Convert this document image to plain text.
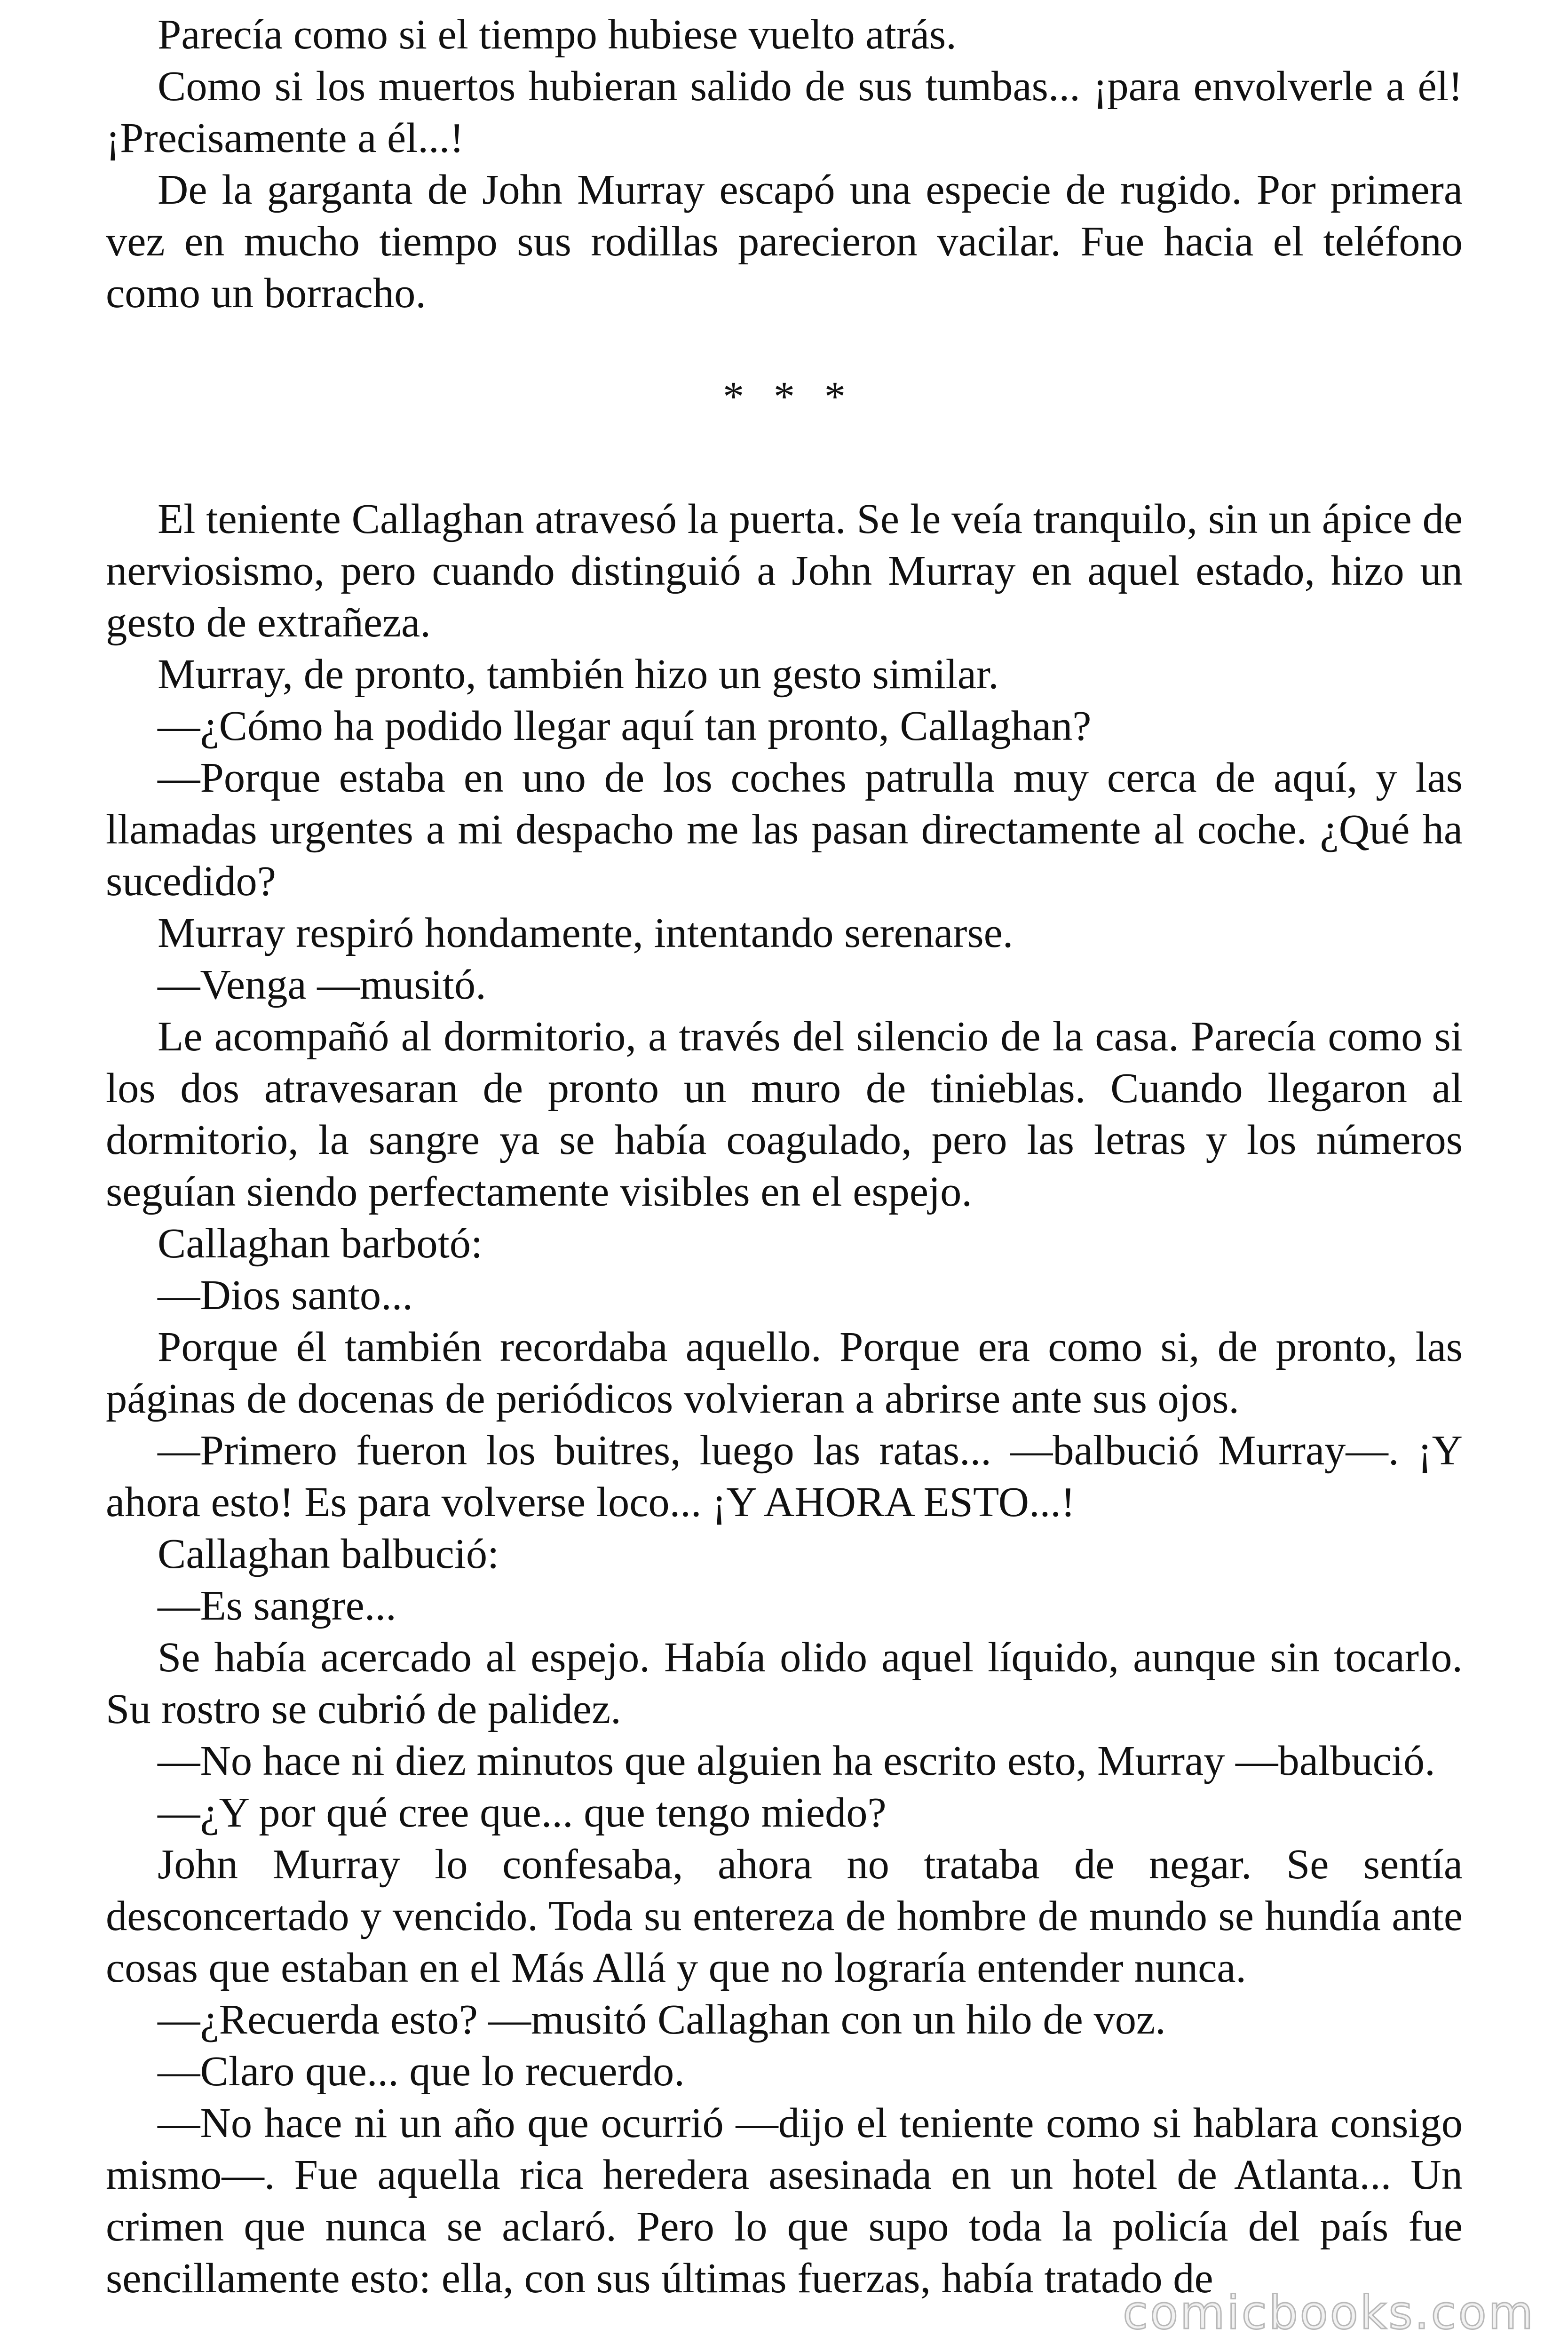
Parecía como si el tiempo hubiese vuelto atrás.

Como si los muertos hubieran salido de sus tumbas... ¡para envolverle a él! ¡Precisamente a él...!

De la garganta de John Murray escapó una especie de rugido. Por primera vez en mucho tiempo sus rodillas parecieron vacilar. Fue hacia el teléfono como un borracho.

* * *

El teniente Callaghan atravesó la puerta. Se le veía tranquilo, sin un ápice de nerviosismo, pero cuando distinguió a John Murray en aquel estado, hizo un gesto de extrañeza.

Murray, de pronto, también hizo un gesto similar.

—¿Cómo ha podido llegar aquí tan pronto, Callaghan?

—Porque estaba en uno de los coches patrulla muy cerca de aquí, y las llamadas urgentes a mi despacho me las pasan directamente al coche. ¿Qué ha sucedido?

Murray respiró hondamente, intentando serenarse.

—Venga —musitó.

Le acompañó al dormitorio, a través del silencio de la casa. Parecía como si los dos atravesaran de pronto un muro de tinieblas. Cuando llegaron al dormitorio, la sangre ya se había coagulado, pero las letras y los números seguían siendo perfectamente visibles en el espejo.

Callaghan barbotó:

—Dios santo...

Porque él también recordaba aquello. Porque era como si, de pronto, las páginas de docenas de periódicos volvieran a abrirse ante sus ojos.

—Primero fueron los buitres, luego las ratas... —balbució Murray—. ¡Y ahora esto! Es para volverse loco... ¡Y AHORA ESTO...!

Callaghan balbució:

—Es sangre...

Se había acercado al espejo. Había olido aquel líquido, aunque sin tocarlo. Su rostro se cubrió de palidez.

—No hace ni diez minutos que alguien ha escrito esto, Murray —balbució.

—¿Y por qué cree que... que tengo miedo?

John Murray lo confesaba, ahora no trataba de negar. Se sentía desconcertado y vencido. Toda su entereza de hombre de mundo se hundía ante cosas que estaban en el Más Allá y que no lograría entender nunca.

—¿Recuerda esto? —musitó Callaghan con un hilo de voz.

—Claro que... que lo recuerdo.

—No hace ni un año que ocurrió —dijo el teniente como si hablara consigo mismo—. Fue aquella rica heredera asesinada en un hotel de Atlanta... Un crimen que nunca se aclaró. Pero lo que supo toda la policía del país fue sencillamente esto: ella, con sus últimas fuerzas, había tratado de

comicbooks.com
